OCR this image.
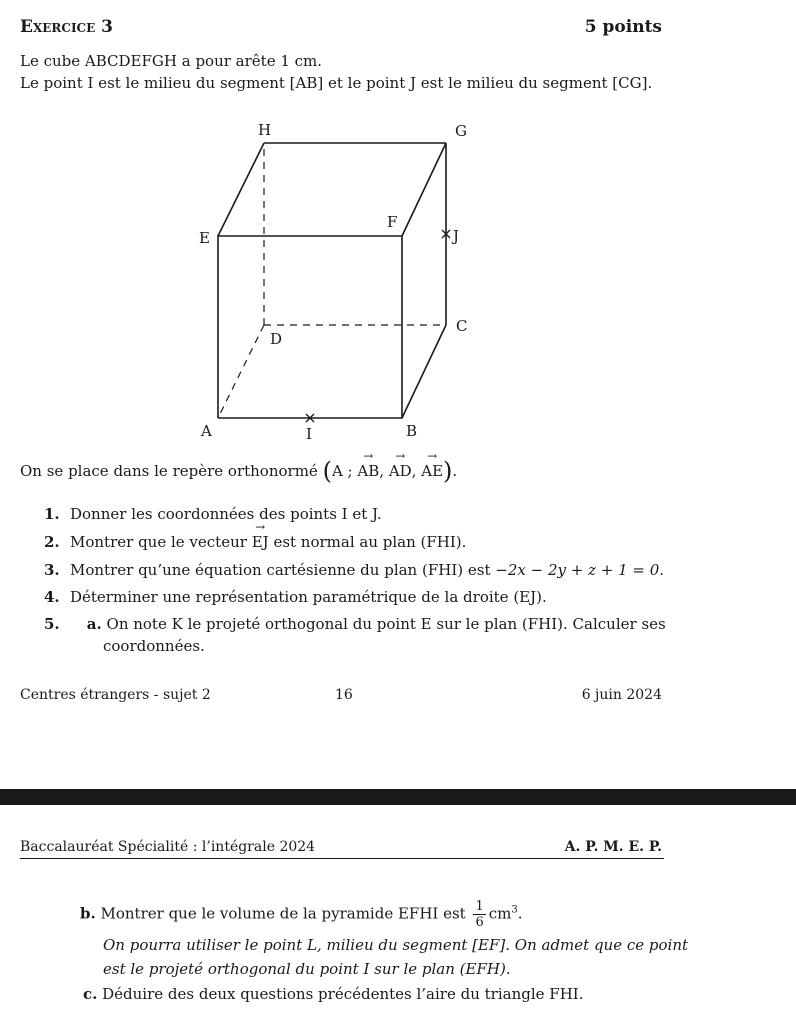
Exercice 3	5 points
Le cube ABCDEFGH a pour arête 1 cm.
Le point I est le milieu du segment [AB] et le point J est le milieu du segment [CG].
A	B
C
D
E
F
G
H
I
J
On se place dans le repère orthonormé (A ; → AB, → AD, → AE).
1. Donner les coordonnées des points I et J.
2. Montrer que le vecteur → EJ est normal au plan (FHI).
3. Montrer qu’une équation cartésienne du plan (FHI) est −2x − 2y + z + 1 = 0.
4. Déterminer une représentation paramétrique de la droite (EJ).
5. a. On note K le projeté orthogonal du point E sur le plan (FHI). Calculer ses
coordonnées.
Centres étrangers - sujet 2	16	6 juin 2024
Baccalauréat Spécialité : l’intégrale 2024	A. P. M. E. P.
b. Montrer que le volume de la pyramide EFHI est $\frac{1}{6} cm^3$.
On pourra utiliser le point L, milieu du segment [EF]. On admet que ce point
est le projeté orthogonal du point I sur le plan (EFH).
c. Déduire des deux questions précédentes l’aire du triangle FHI.
